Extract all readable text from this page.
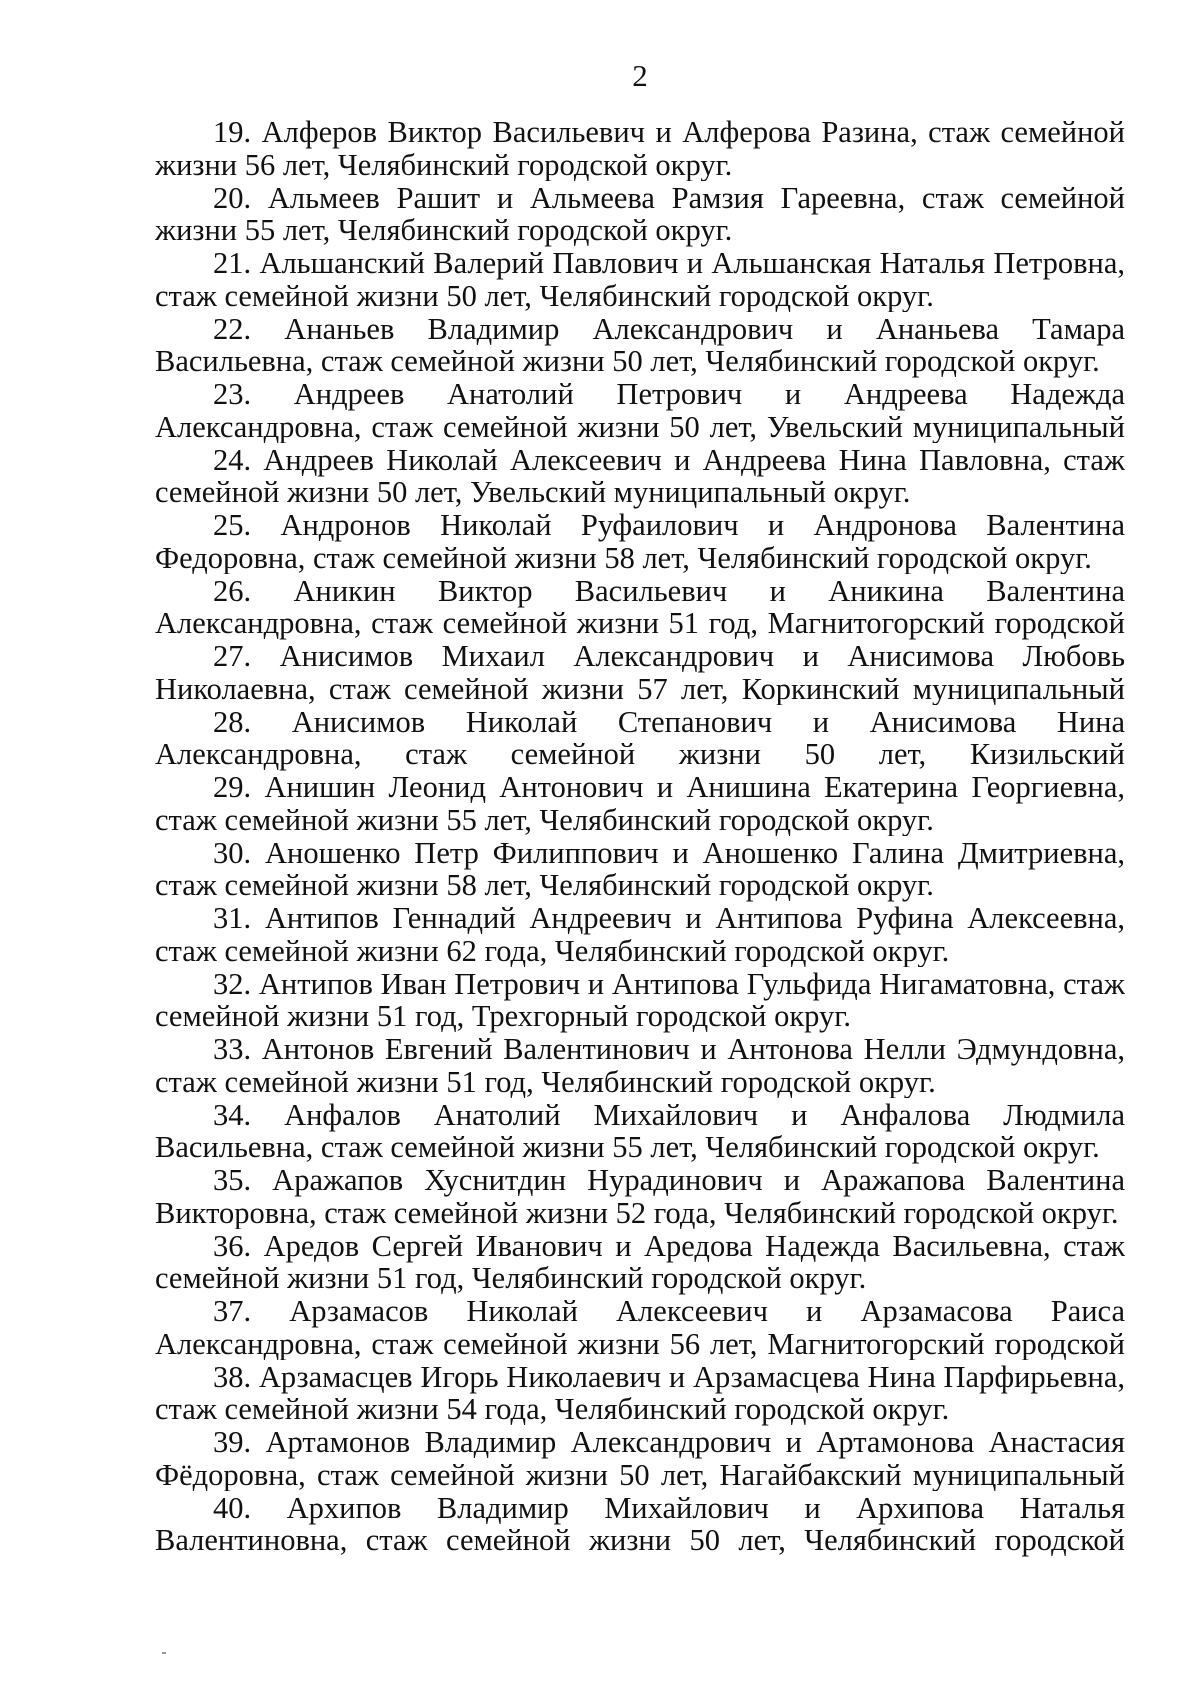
2
19. Алферов Виктор Васильевич и Алферова Разина, стаж семейной жизни 56 лет, Челябинский городской округ.
20. Альмеев Рашит и Альмеева Рамзия Гареевна, стаж семейной жизни 55 лет, Челябинский городской округ.
21. Альшанский Валерий Павлович и Альшанская Наталья Петровна, стаж семейной жизни 50 лет, Челябинский городской округ.
22. Ананьев Владимир Александрович и Ананьева Тамара Васильевна, стаж семейной жизни 50 лет, Челябинский городской округ.
23. Андреев Анатолий Петрович и Андреева Надежда Александровна, стаж семейной жизни 50 лет, Увельский муниципальный
24. Андреев Николай Алексеевич и Андреева Нина Павловна, стаж семейной жизни 50 лет, Увельский муниципальный округ.
25. Андронов Николай Руфаилович и Андронова Валентина Федоровна, стаж семейной жизни 58 лет, Челябинский городской округ.
26. Аникин Виктор Васильевич и Аникина Валентина Александровна, стаж семейной жизни 51 год, Магнитогорский городской
27. Анисимов Михаил Александрович и Анисимова Любовь Николаевна, стаж семейной жизни 57 лет, Коркинский муниципальный
28. Анисимов Николай Степанович и Анисимова Нина Александровна, стаж семейной жизни 50 лет, Кизильский
29. Анишин Леонид Антонович и Анишина Екатерина Георгиевна, стаж семейной жизни 55 лет, Челябинский городской округ.
30. Аношенко Петр Филиппович и Аношенко Галина Дмитриевна, стаж семейной жизни 58 лет, Челябинский городской округ.
31. Антипов Геннадий Андреевич и Антипова Руфина Алексеевна, стаж семейной жизни 62 года, Челябинский городской округ.
32. Антипов Иван Петрович и Антипова Гульфида Нигаматовна, стаж семейной жизни 51 год, Трехгорный городской округ.
33. Антонов Евгений Валентинович и Антонова Нелли Эдмундовна, стаж семейной жизни 51 год, Челябинский городской округ.
34. Анфалов Анатолий Михайлович и Анфалова Людмила Васильевна, стаж семейной жизни 55 лет, Челябинский городской округ.
35. Аражапов Хуснитдин Нурадинович и Аражапова Валентина Викторовна, стаж семейной жизни 52 года, Челябинский городской округ.
36. Аредов Сергей Иванович и Аредова Надежда Васильевна, стаж семейной жизни 51 год, Челябинский городской округ.
37. Арзамасов Николай Алексеевич и Арзамасова Раиса Александровна, стаж семейной жизни 56 лет, Магнитогорский городской
38. Арзамасцев Игорь Николаевич и Арзамасцева Нина Парфирьевна, стаж семейной жизни 54 года, Челябинский городской округ.
39. Артамонов Владимир Александрович и Артамонова Анастасия Фёдоровна, стаж семейной жизни 50 лет, Нагайбакский муниципальный
40. Архипов Владимир Михайлович и Архипова Наталья Валентиновна, стаж семейной жизни 50 лет, Челябинский городской
